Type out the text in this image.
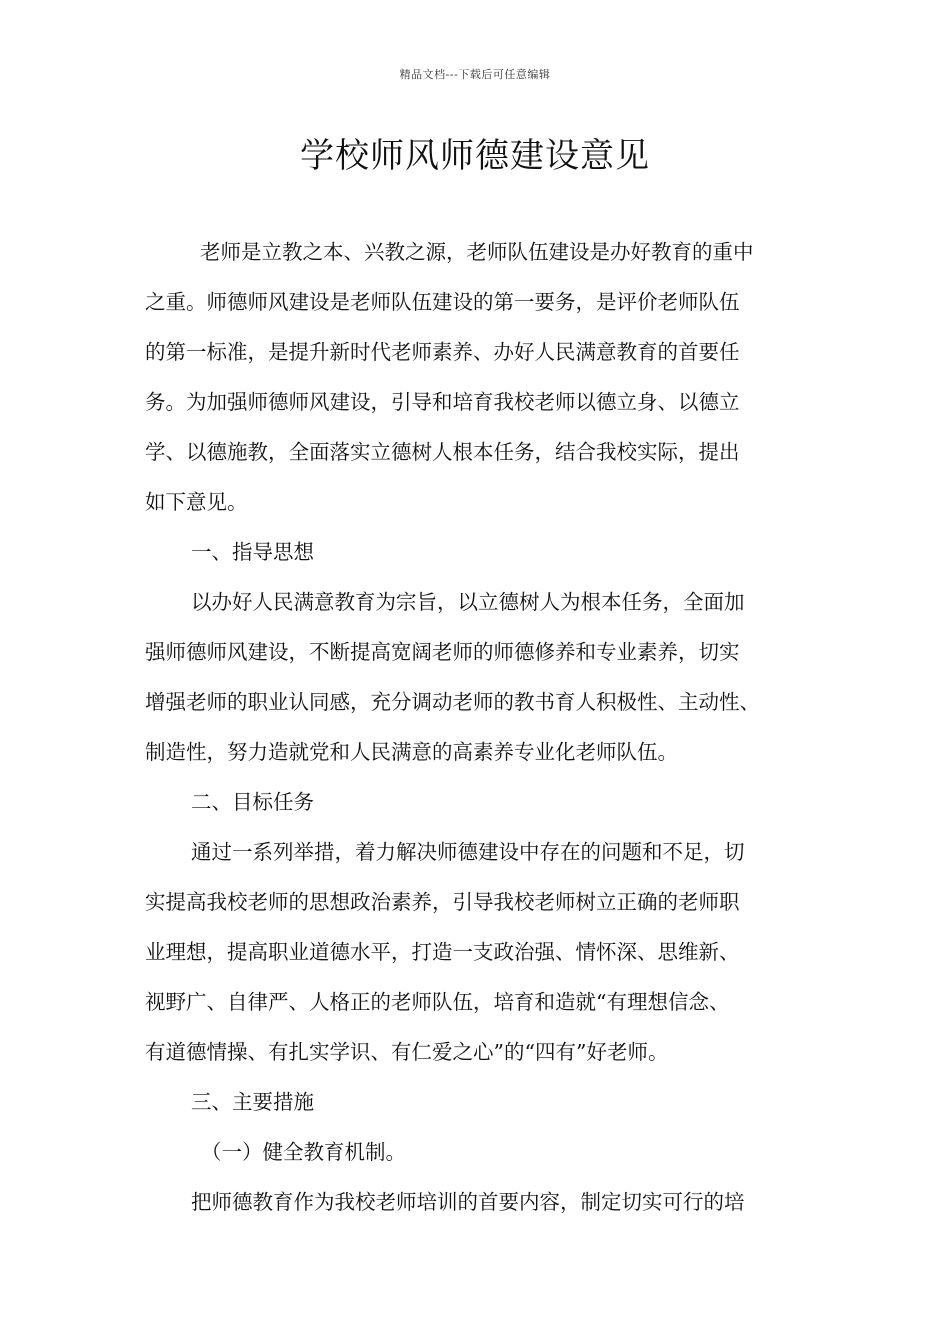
精品文档---下载后可任意编辑
学校师风师德建设意见
老师是立教之本、兴教之源，老师队伍建设是办好教育的重中
之重。师德师风建设是老师队伍建设的第一要务，是评价老师队伍
的第一标准，是提升新时代老师素养、办好人民满意教育的首要任
务。为加强师德师风建设，引导和培育我校老师以德立身、以德立
学、以德施教，全面落实立德树人根本任务，结合我校实际，提出
如下意见。
一、指导思想
以办好人民满意教育为宗旨，以立德树人为根本任务，全面加
强师德师风建设，不断提高宽阔老师的师德修养和专业素养，切实
增强老师的职业认同感，充分调动老师的教书育人积极性、主动性、
制造性，努力造就党和人民满意的高素养专业化老师队伍。
二、目标任务
通过一系列举措，着力解决师德建设中存在的问题和不足，切
实提高我校老师的思想政治素养，引导我校老师树立正确的老师职
业理想，提高职业道德水平，打造一支政治强、情怀深、思维新、
视野广、自律严、人格正的老师队伍，培育和造就“有理想信念、
有道德情操、有扎实学识、有仁爱之心”的“四有”好老师。
三、主要措施
（一）健全教育机制。
把师德教育作为我校老师培训的首要内容，制定切实可行的培
